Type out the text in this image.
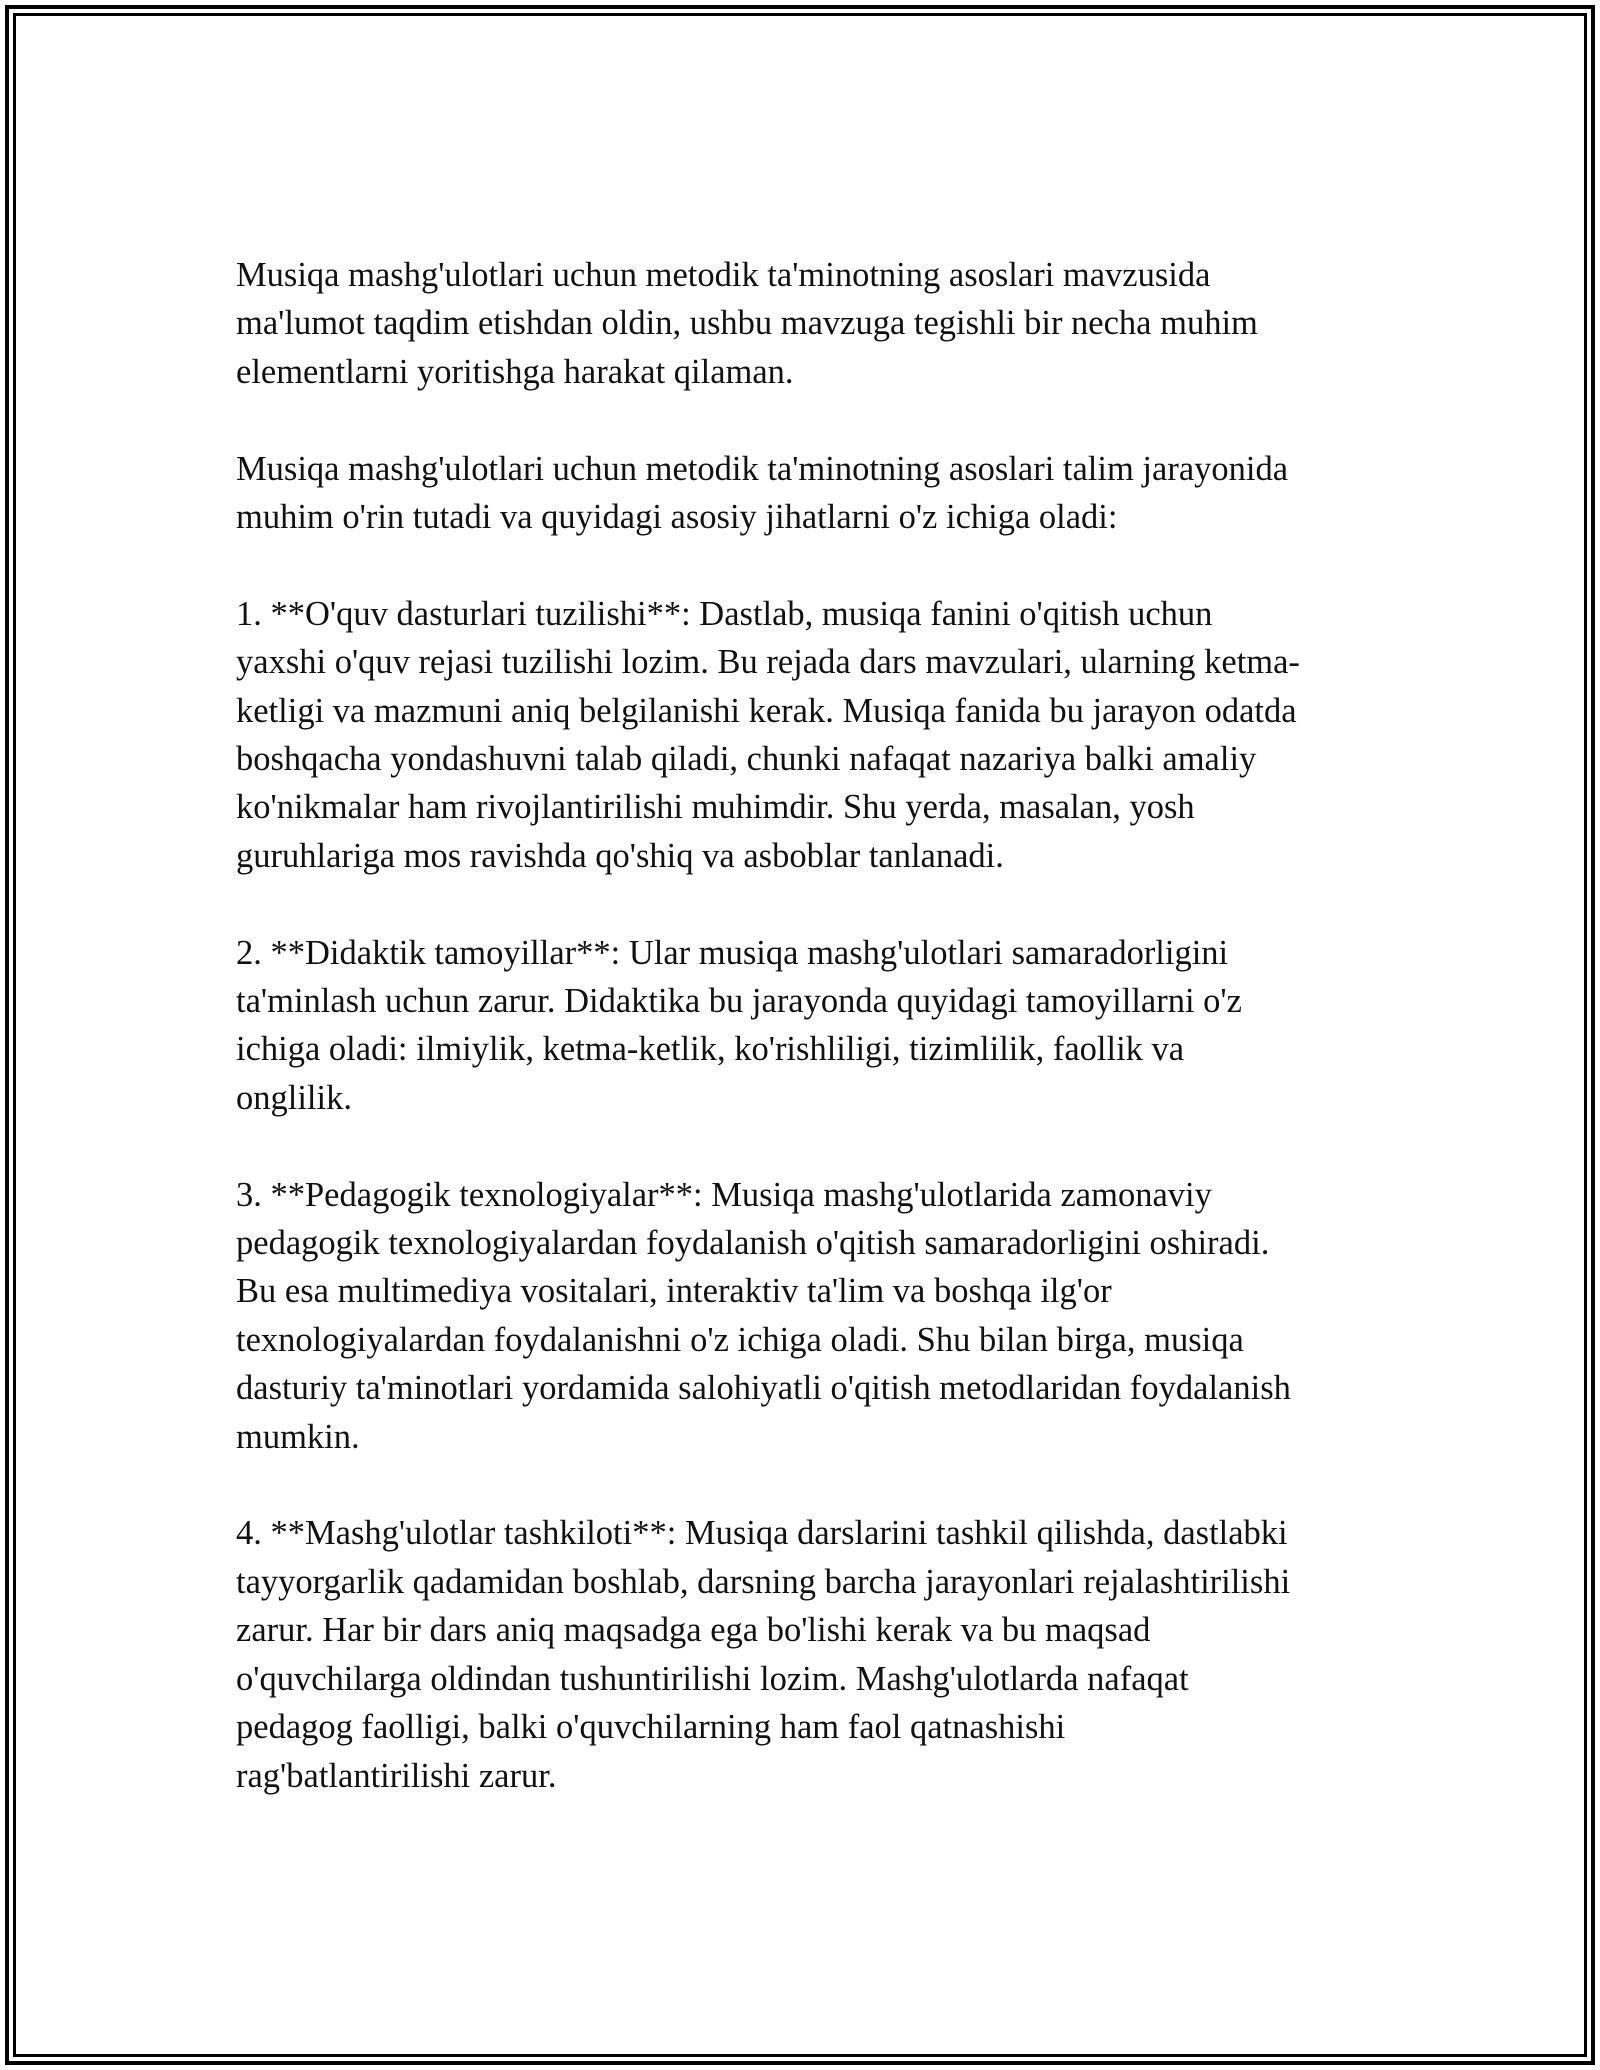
Musiqa mashg'ulotlari uchun metodik ta'minotning asoslari mavzusida
ma'lumot taqdim etishdan oldin, ushbu mavzuga tegishli bir necha muhim
elementlarni yoritishga harakat qilaman.

Musiqa mashg'ulotlari uchun metodik ta'minotning asoslari talim jarayonida
muhim o'rin tutadi va quyidagi asosiy jihatlarni o'z ichiga oladi:

1. **O'quv dasturlari tuzilishi**: Dastlab, musiqa fanini o'qitish uchun
yaxshi o'quv rejasi tuzilishi lozim. Bu rejada dars mavzulari, ularning ketma-
ketligi va mazmuni aniq belgilanishi kerak. Musiqa fanida bu jarayon odatda
boshqacha yondashuvni talab qiladi, chunki nafaqat nazariya balki amaliy
ko'nikmalar ham rivojlantirilishi muhimdir. Shu yerda, masalan, yosh
guruhlariga mos ravishda qo'shiq va asboblar tanlanadi.

2. **Didaktik tamoyillar**: Ular musiqa mashg'ulotlari samaradorligini
ta'minlash uchun zarur. Didaktika bu jarayonda quyidagi tamoyillarni o'z
ichiga oladi: ilmiylik, ketma-ketlik, ko'rishliligi, tizimlilik, faollik va
onglilik.

3. **Pedagogik texnologiyalar**: Musiqa mashg'ulotlarida zamonaviy
pedagogik texnologiyalardan foydalanish o'qitish samaradorligini oshiradi.
Bu esa multimediya vositalari, interaktiv ta'lim va boshqa ilg'or
texnologiyalardan foydalanishni o'z ichiga oladi. Shu bilan birga, musiqa
dasturiy ta'minotlari yordamida salohiyatli o'qitish metodlaridan foydalanish
mumkin.

4. **Mashg'ulotlar tashkiloti**: Musiqa darslarini tashkil qilishda, dastlabki
tayyorgarlik qadamidan boshlab, darsning barcha jarayonlari rejalashtirilishi
zarur. Har bir dars aniq maqsadga ega bo'lishi kerak va bu maqsad
o'quvchilarga oldindan tushuntirilishi lozim. Mashg'ulotlarda nafaqat
pedagog faolligi, balki o'quvchilarning ham faol qatnashishi
rag'batlantirilishi zarur.
